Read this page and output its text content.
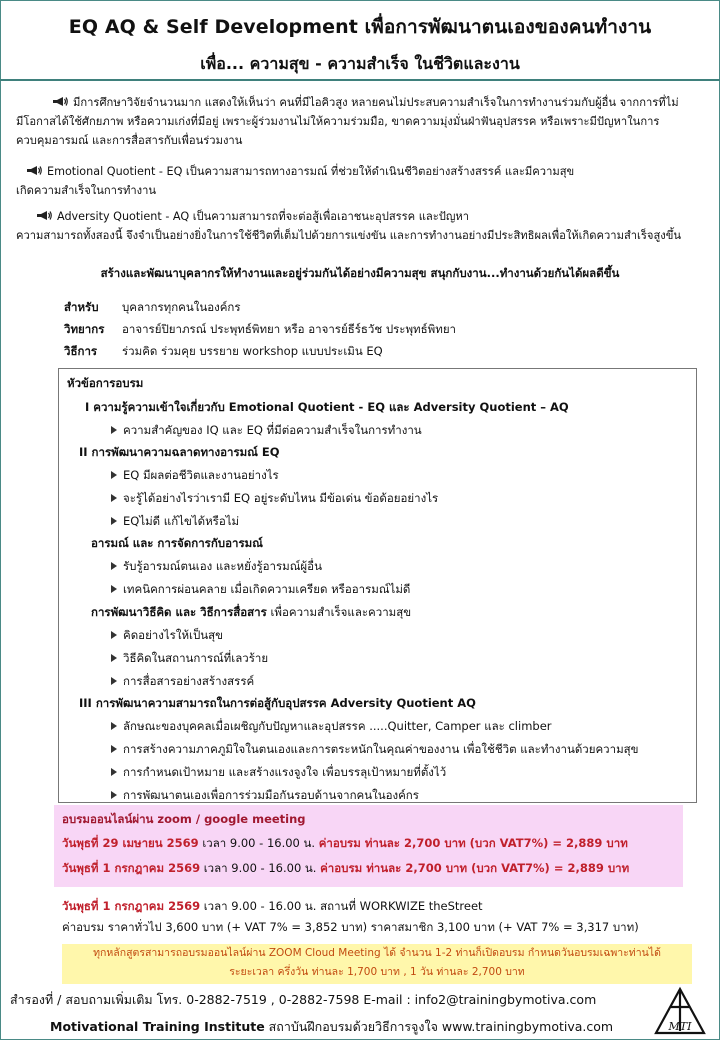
EQ AQ & Self Development เพื่อการพัฒนาตนเองของคนทำงาน
เพื่อ... ความสุข - ความสำเร็จ ในชีวิตและงาน

มีการศึกษาวิจัยจำนวนมาก แสดงให้เห็นว่า คนที่มีไอคิวสูง หลายคนไม่ประสบความสำเร็จในการทำงานร่วมกับผู้อื่น จากการที่ไม่

มีโอกาสได้ใช้ศักยภาพ หรือความเก่งที่มีอยู่ เพราะผู้ร่วมงานไม่ให้ความร่วมมือ, ขาดความมุ่งมั่นฝ่าฟันอุปสรรค หรือเพราะมีปัญหาในการ

ควบคุมอารมณ์ และการสื่อสารกับเพื่อนร่วมงาน

Emotional Quotient - EQ เป็นความสามารถทางอารมณ์ ที่ช่วยให้ดำเนินชีวิตอย่างสร้างสรรค์ และมีความสุข

เกิดความสำเร็จในการทำงาน

Adversity Quotient - AQ เป็นความสามารถที่จะต่อสู้เพื่อเอาชนะอุปสรรค และปัญหา

ความสามารถทั้งสองนี้ จึงจำเป็นอย่างยิ่งในการใช้ชีวิตที่เต็มไปด้วยการแข่งขัน และการทำงานอย่างมีประสิทธิผลเพื่อให้เกิดความสำเร็จสูงขึ้น

สร้างและพัฒนาบุคลากรให้ทำงานและอยู่ร่วมกันได้อย่างมีความสุข สนุกกับงาน...ทำงานด้วยกันได้ผลดีขึ้น
สำหรับ	บุคลากรทุกคนในองค์กร
วิทยากร	อาจารย์ปิยาภรณ์ ประพุทธ์พิทยา หรือ อาจารย์ธีร์ธวัช ประพุทธ์พิทยา
วิธีการ	ร่วมคิด ร่วมคุย บรรยาย workshop แบบประเมิน EQ
หัวข้อการอบรม
I ความรู้ความเข้าใจเกี่ยวกับ Emotional Quotient - EQ และ Adversity Quotient – AQ
ความสำคัญของ IQ และ EQ ที่มีต่อความสำเร็จในการทำงาน
II การพัฒนาความฉลาดทางอารมณ์ EQ
EQ มีผลต่อชีวิตและงานอย่างไร
จะรู้ได้อย่างไรว่าเรามี EQ อยู่ระดับไหน มีข้อเด่น ข้อด้อยอย่างไร
EQไม่ดี แก้ไขได้หรือไม่
อารมณ์ และ การจัดการกับอารมณ์
รับรู้อารมณ์ตนเอง และหยั่งรู้อารมณ์ผู้อื่น
เทคนิคการผ่อนคลาย เมื่อเกิดความเครียด หรืออารมณ์ไม่ดี
การพัฒนาวิธีคิด และ วิธีการสื่อสาร เพื่อความสำเร็จและความสุข
คิดอย่างไรให้เป็นสุข
วิธีคิดในสถานการณ์ที่เลวร้าย
การสื่อสารอย่างสร้างสรรค์
III การพัฒนาความสามารถในการต่อสู้กับอุปสรรค Adversity Quotient AQ
ลักษณะของบุคคลเมื่อเผชิญกับปัญหาและอุปสรรค .....Quitter, Camper และ climber
การสร้างความภาคภูมิใจในตนเองและการตระหนักในคุณค่าของงาน เพื่อใช้ชีวิต และทำงานด้วยความสุข
การกำหนดเป้าหมาย และสร้างแรงจูงใจ เพื่อบรรลุเป้าหมายที่ตั้งไว้
การพัฒนาตนเองเพื่อการร่วมมือกันรอบด้านจากคนในองค์กร
อบรมออนไลน์ผ่าน zoom / google meeting
วันพุธที่ 29 เมษายน 2569 เวลา 9.00 - 16.00 น. ค่าอบรม ท่านละ 2,700 บาท (บวก VAT7%) = 2,889 บาท
วันพุธที่ 1 กรกฎาคม 2569 เวลา 9.00 - 16.00 น. ค่าอบรม ท่านละ 2,700 บาท (บวก VAT7%) = 2,889 บาท
วันพุธที่ 1 กรกฎาคม 2569 เวลา 9.00 - 16.00 น. สถานที่ WORKWIZE theStreet
ค่าอบรม ราคาทั่วไป 3,600 บาท (+ VAT 7% = 3,852 บาท) ราคาสมาชิก 3,100 บาท (+ VAT 7% = 3,317 บาท)
ทุกหลักสูตรสามารถอบรมออนไลน์ผ่าน ZOOM Cloud Meeting ได้ จำนวน 1-2 ท่านก็เปิดอบรม กำหนดวันอบรมเฉพาะท่านได้
ระยะเวลา ครึ่งวัน ท่านละ 1,700 บาท , 1 วัน ท่านละ 2,700 บาท
สำรองที่ / สอบถามเพิ่มเติม โทร. 0-2882-7519 , 0-2882-7598 E-mail : info2@trainingbymotiva.com
Motivational Training Institute สถาบันฝึกอบรมด้วยวิธีการจูงใจ www.trainingbymotiva.com	MTI
